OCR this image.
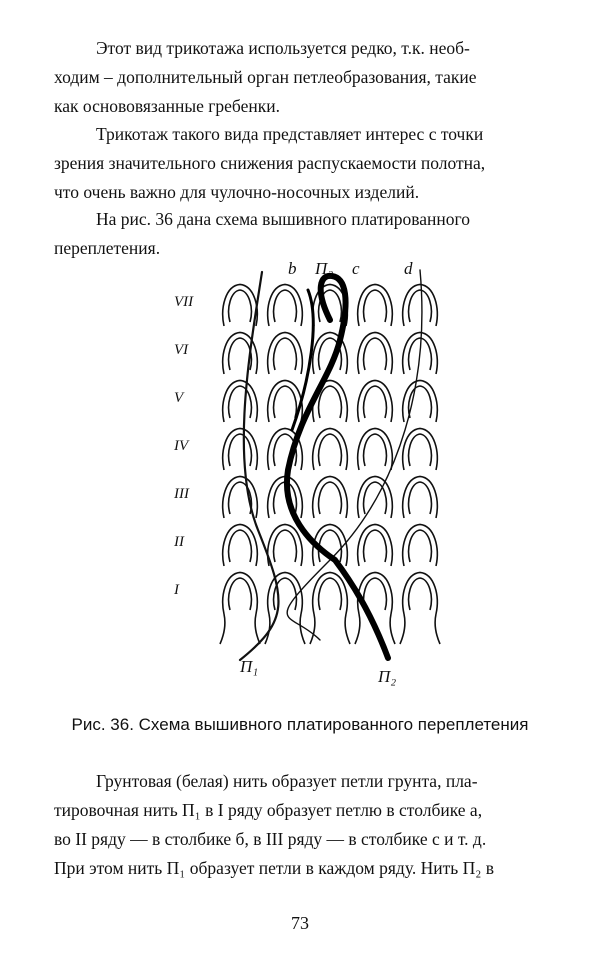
Этот вид трикотажа используется редко, т.к. необ-
ходим – дополнительный орган петлеобразования, такие
как основовязанные гребенки.
Трикотаж такого вида представляет интерес с точки
зрения значительного снижения распускаемости полотна,
что очень важно для чулочно-носочных изделий.
На рис. 36 дана схема вышивного платированного
переплетения.
b П₂ c	d
VII
VI
V
IV
III
II
I
П₁
П₂
Рис. 36. Схема вышивного платированного переплетения
Грунтовая (белая) нить образует петли грунта, пла-
тировочная нить П₁ в I ряду образует петлю в столбике а,
во II ряду — в столбике б, в III ряду — в столбике с и т. д.
При этом нить П₁ образует петли в каждом ряду. Нить П₂ в
73
